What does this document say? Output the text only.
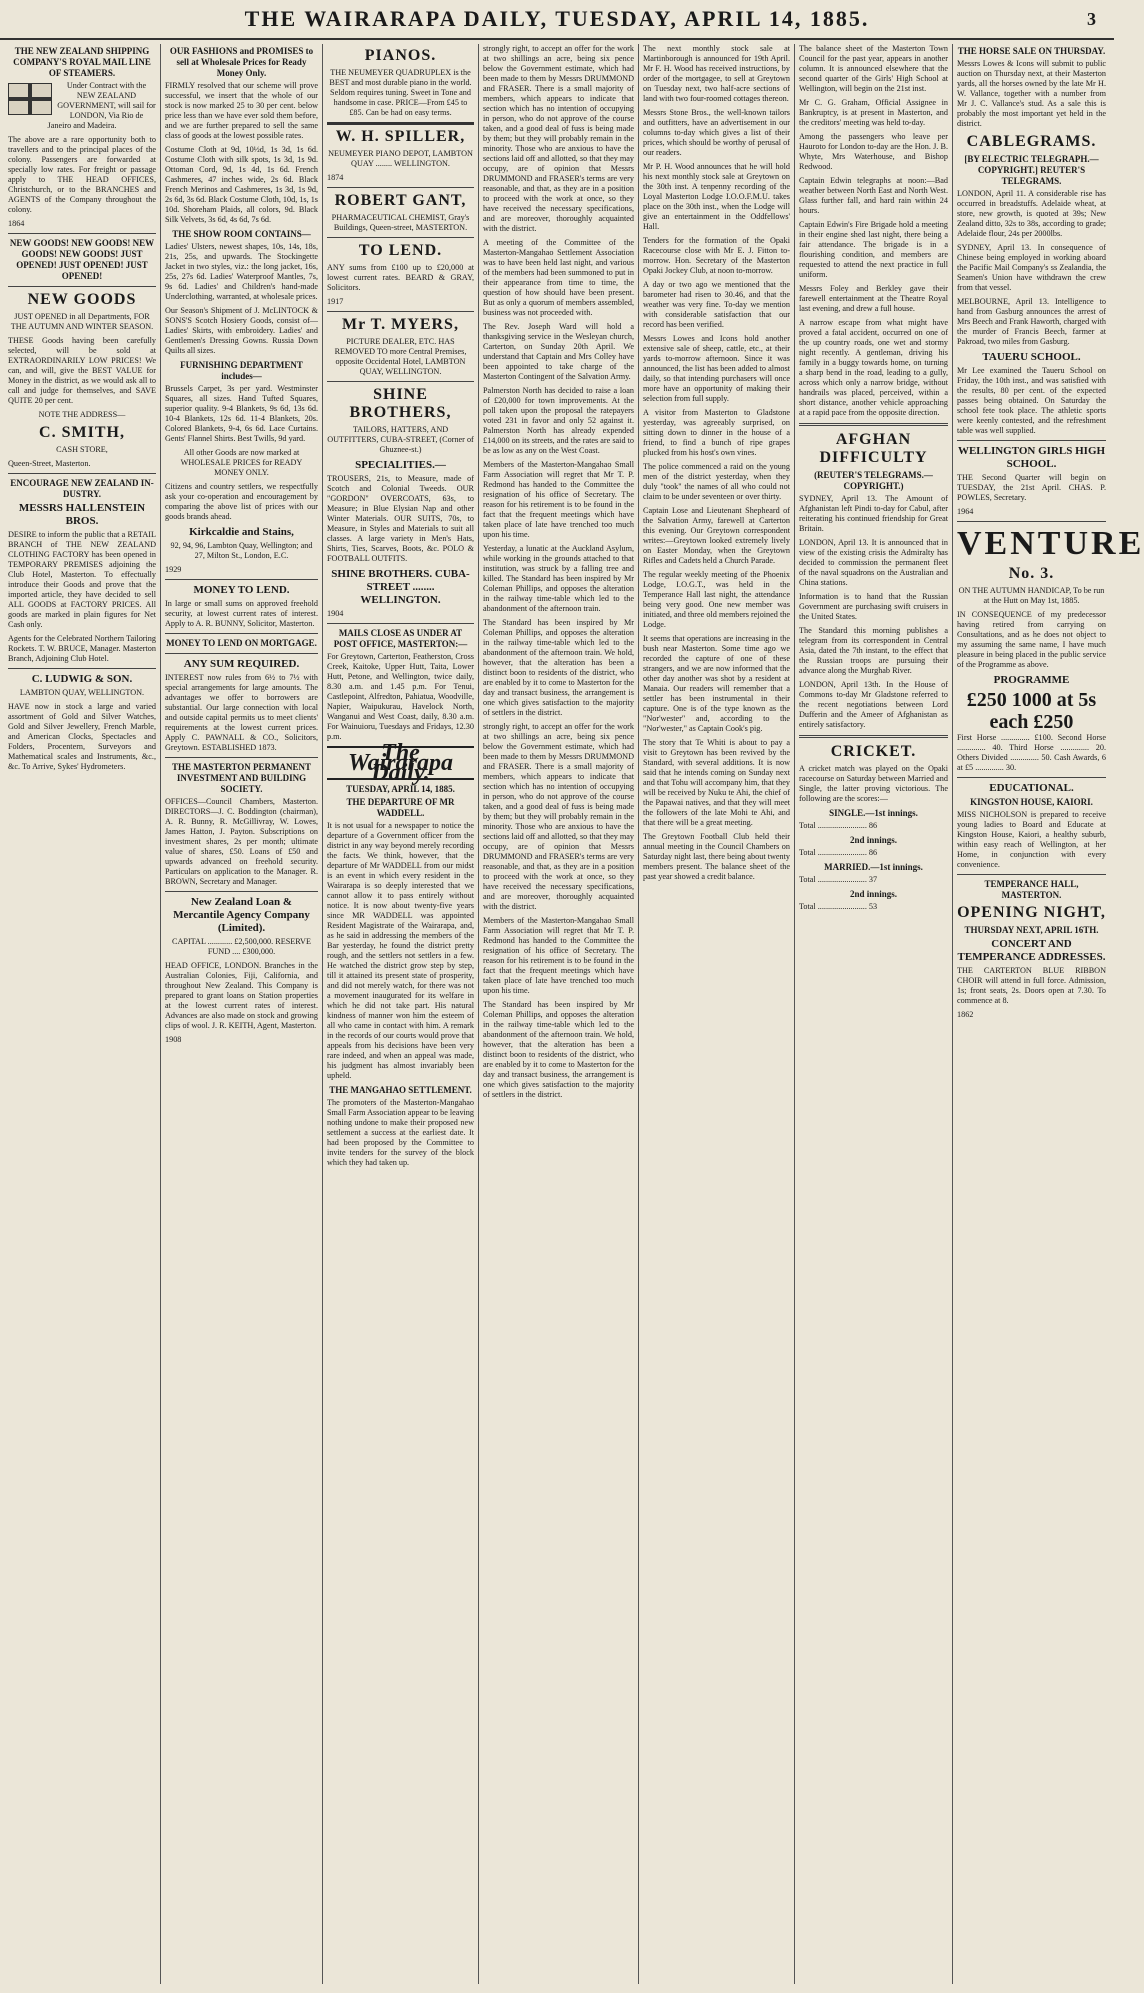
THE WAIRARAPA DAILY, TUESDAY, APRIL 14, 1885.	3
THE NEW ZEALAND SHIPPING COMPANY'S ROYAL MAIL LINE OF STEAMERS.
Under Contract with the NEW ZEALAND GOVERNMENT, will sail for LONDON, Via Rio de Janeiro and Madeira.
The above are a rare opportunity both to travellers and to the principal places of the colony. Passengers are forwarded at specially low rates. For freight or passage apply to THE HEAD OFFICES, Christchurch, or to the BRANCHES and AGENTS of the Company throughout the colony.
1864
NEW GOODS! NEW GOODS! NEW GOODS! NEW GOODS! JUST OPENED! JUST OPENED! JUST OPENED!
NEW GOODS
JUST OPENED in all Departments, FOR THE AUTUMN AND WINTER SEASON.
THESE Goods having been carefully selected, will be sold at EXTRAORDINARILY LOW PRICES! We can, and will, give the BEST VALUE for Money in the district, as we would ask all to call and judge for themselves, and SAVE QUITE 20 per cent.
NOTE THE ADDRESS—
C. SMITH,
CASH STORE,
Queen-Street, Masterton.
ENCOURAGE NEW ZEALAND IN- DUSTRY.
MESSRS HALLENSTEIN BROS.
DESIRE to inform the public that a RETAIL BRANCH of THE NEW ZEALAND CLOTHING FACTORY has been opened in TEMPORARY PREMISES adjoining the Club Hotel, Masterton. To effectually introduce their Goods and prove that the imported article, they have decided to sell ALL GOODS at FACTORY PRICES. All goods are marked in plain figures for Net Cash only.
Agents for the Celebrated Northern Tailoring Rockets. T. W. BRUCE, Manager. Masterton Branch, Adjoining Club Hotel.
C. LUDWIG & SON.
LAMBTON QUAY, WELLINGTON.
HAVE now in stock a large and varied assortment of Gold and Silver Watches, Gold and Silver Jewellery, French Marble, and American Clocks, Spectacles and Folders, Procentern, Surveyors and Mathematical scales and Instruments, &c., &c. To Arrive, Sykes' Hydrometers.
OUR FASHIONS and PROMISES to sell at Wholesale Prices for Ready Money Only.
FIRMLY resolved that our scheme will prove successful, we insert that the whole of our stock is now marked 25 to 30 per cent. below price less than we have ever sold them before, and we are further prepared to sell the same class of goods at the lowest possible rates.
Costume Cloth at 9d, 10½d, 1s 3d, 1s 6d. Costume Cloth with silk spots, 1s 3d, 1s 9d. Ottoman Cord, 9d, 1s 4d, 1s 6d. French Cashmeres, 47 inches wide, 2s 6d. Black French Merinos and Cashmeres, 1s 3d, 1s 9d, 2s 6d, 3s 6d. Black Costume Cloth, 10d, 1s, 1s 10d. Shoreham Plaids, all colors, 9d. Black Silk Velvets, 3s 6d, 4s 6d, 7s 6d.
THE SHOW ROOM CONTAINS—
Ladies' Ulsters, newest shapes, 10s, 14s, 18s, 21s, 25s, and upwards. The Stockingette Jacket in two styles, viz.: the long jacket, 16s, 25s, 27s 6d. Ladies' Waterproof Mantles, 7s, 9s 6d. Ladies' and Children's hand-made Underclothing, warranted, at wholesale prices.
Our Season's Shipment of J. McLINTOCK & SONS'S Scotch Hosiery Goods, consist of—Ladies' Skirts, with embroidery. Ladies' and Gentlemen's Dressing Gowns. Russia Down Quilts all sizes.
FURNISHING DEPARTMENT includes—
Brussels Carpet, 3s per yard. Westminster Squares, all sizes. Hand Tufted Squares, superior quality. 9-4 Blankets, 9s 6d, 13s 6d. 10-4 Blankets, 12s 6d. 11-4 Blankets, 20s. Colored Blankets, 9-4, 6s 6d. Lace Curtains. Gents' Flannel Shirts. Best Twills, 9d yard.
All other Goods are now marked at WHOLESALE PRICES for READY MONEY ONLY.
Citizens and country settlers, we respectfully ask your co-operation and encouragement by comparing the above list of prices with our goods brands ahead.
Kirkcaldie and Stains,
92, 94, 96, Lambton Quay, Wellington; and 27, Milton St., London, E.C.
1929
MONEY TO LEND.
In large or small sums on approved freehold security, at lowest current rates of interest. Apply to A. R. BUNNY, Solicitor, Masterton.
MONEY TO LEND ON MORTGAGE.
ANY SUM REQUIRED.
INTEREST now rules from 6½ to 7½ with special arrangements for large amounts. The advantages we offer to borrowers are substantial. Our large connection with local and outside capital permits us to meet clients' requirements at the lowest current prices. Apply C. PAWNALL & CO., Solicitors, Greytown. ESTABLISHED 1873.
THE MASTERTON PERMANENT INVESTMENT AND BUILDING SOCIETY.
OFFICES—Council Chambers, Masterton. DIRECTORS—J. C. Boddington (chairman), A. R. Bunny, R. McGillivray, W. Lowes, James Hatton, J. Payton. Subscriptions on investment shares, 2s per month; ultimate value of shares, £50. Loans of £50 and upwards advanced on freehold security. Particulars on application to the Manager. R. BROWN, Secretary and Manager.
New Zealand Loan & Mercantile Agency Company (Limited).
CAPITAL ............ £2,500,000. RESERVE FUND .... £300,000.
HEAD OFFICE, LONDON. Branches in the Australian Colonies, Fiji, California, and throughout New Zealand. This Company is prepared to grant loans on Station properties at the lowest current rates of interest. Advances are also made on stock and growing clips of wool. J. R. KEITH, Agent, Masterton.
1908
PIANOS.
THE NEUMEYER QUADRUPLEX is the BEST and most durable piano in the world. Seldom requires tuning. Sweet in Tone and handsome in case. PRICE—From £45 to £85. Can be had on easy terms.
W. H. SPILLER,
NEUMEYER PIANO DEPOT, LAMBTON QUAY ........ WELLINGTON.
1874
ROBERT GANT,
PHARMACEUTICAL CHEMIST, Gray's Buildings, Queen-street, MASTERTON.
TO LEND.
ANY sums from £100 up to £20,000 at lowest current rates. BEARD & GRAY, Solicitors.
1917
Mr T. MYERS,
PICTURE DEALER, ETC. HAS REMOVED TO more Central Premises, opposite Occidental Hotel, LAMBTON QUAY, WELLINGTON.
SHINE BROTHERS,
TAILORS, HATTERS, AND OUTFITTERS, CUBA-STREET, (Corner of Ghuznee-st.)
SPECIALITIES.—
TROUSERS, 21s, to Measure, made of Scotch and Colonial Tweeds. OUR "GORDON" OVERCOATS, 63s, to Measure; in Blue Elysian Nap and other Winter Materials. OUR SUITS, 70s, to Measure, in Styles and Materials to suit all classes. A large variety in Men's Hats, Shirts, Ties, Scarves, Boots, &c. POLO & FOOTBALL OUTFITS.
SHINE BROTHERS. CUBA-STREET ........ WELLINGTON.
1904
MAILS CLOSE AS UNDER AT POST OFFICE, MASTERTON:—
For Greytown, Carterton, Featherston, Cross Creek, Kaitoke, Upper Hutt, Taita, Lower Hutt, Petone, and Wellington, twice daily, 8.30 a.m. and 1.45 p.m. For Tenui, Castlepoint, Alfredton, Pahiatua, Woodville, Napier, Waipukurau, Havelock North, Wanganui and West Coast, daily, 8.30 a.m. For Wainuioru, Tuesdays and Fridays, 12.30 p.m.
The Wairarapa Daily.
TUESDAY, APRIL 14, 1885.
THE DEPARTURE OF MR WADDELL.
It is not usual for a newspaper to notice the departure of a Government officer from the district in any way beyond merely recording the facts. We think, however, that the departure of Mr WADDELL from our midst is an event in which every resident in the Wairarapa is so deeply interested that we cannot allow it to pass entirely without notice. It is now about twenty-five years since MR WADDELL was appointed Resident Magistrate of the Wairarapa, and, as he said in addressing the members of the Bar yesterday, he found the district pretty rough, and the settlers not settlers in a few. He watched the district grow step by step, till it attained its present state of prosperity, and did not merely watch, for there was not a movement inaugurated for its welfare in which he did not take part. His natural kindness of manner won him the esteem of all who came in contact with him. A remark in the records of our courts would prove that appeals from his decisions have been very rare indeed, and when an appeal was made, his judgment has almost invariably been upheld.
THE MANGAHAO SETTLEMENT.
The promoters of the Masterton-Mangahao Small Farm Association appear to be leaving nothing undone to make their proposed new settlement a success at the earliest date. It had been proposed by the Committee to invite tenders for the survey of the block which they had taken up.
strongly right, to accept an offer for the work at two shillings an acre, being six pence below the Government estimate, which had been made to them by Messrs DRUMMOND and FRASER. There is a small majority of members, which appears to indicate that section which has no intention of occupying in person, who do not approve of the course taken, and a good deal of fuss is being made by them; but they will probably remain in the minority. Those who are anxious to have the sections laid off and allotted, so that they may occupy, are of opinion that Messrs DRUMMOND and FRASER's terms are very reasonable, and that, as they are in a position to proceed with the work at once, so they have received the necessary specifications, and are moreover, thoroughly acquainted with the district.
A meeting of the Committee of the Masterton-Mangahao Settlement Association was to have been held last night, and various of the members had been summoned to put in their appearance from time to time, the question of how should have been present. But as only a quorum of members assembled, business was not proceeded with.
The Rev. Joseph Ward will hold a thanksgiving service in the Wesleyan church, Carterton, on Sunday 20th April. We understand that Captain and Mrs Colley have been appointed to take charge of the Masterton Contingent of the Salvation Army.
Palmerston North has decided to raise a loan of £20,000 for town improvements. At the poll taken upon the proposal the ratepayers voted 231 in favor and only 52 against it. Palmerston North has already expended £14,000 on its streets, and the rates are said to be as low as any on the West Coast.
Members of the Masterton-Mangahao Small Farm Association will regret that Mr T. P. Redmond has handed to the Committee the resignation of his office of Secretary. The reason for his retirement is to be found in the fact that the frequent meetings which have taken place of late have trenched too much upon his time.
Yesterday, a lunatic at the Auckland Asylum, while working in the grounds attached to that institution, was struck by a falling tree and killed. The Standard has been inspired by Mr Coleman Phillips, and opposes the alteration in the railway time-table which led to the abandonment of the afternoon train.
The Standard has been inspired by Mr Coleman Phillips, and opposes the alteration in the railway time-table which led to the abandonment of the afternoon train. We hold, however, that the alteration has been a distinct boon to residents of the district, who are enabled by it to come to Masterton for the day and transact business, the arrangement is one which gives satisfaction to the majority of settlers in the district.
strongly right, to accept an offer for the work at two shillings an acre, being six pence below the Government estimate, which had been made to them by Messrs DRUMMOND and FRASER. There is a small majority of members, which appears to indicate that section which has no intention of occupying in person, who do not approve of the course taken, and a good deal of fuss is being made by them; but they will probably remain in the minority. Those who are anxious to have the sections laid off and allotted, so that they may occupy, are of opinion that Messrs DRUMMOND and FRASER's terms are very reasonable, and that, as they are in a position to proceed with the work at once, so they have received the necessary specifications, and are moreover, thoroughly acquainted with the district.
Members of the Masterton-Mangahao Small Farm Association will regret that Mr T. P. Redmond has handed to the Committee the resignation of his office of Secretary. The reason for his retirement is to be found in the fact that the frequent meetings which have taken place of late have trenched too much upon his time.
The Standard has been inspired by Mr Coleman Phillips, and opposes the alteration in the railway time-table which led to the abandonment of the afternoon train. We hold, however, that the alteration has been a distinct boon to residents of the district, who are enabled by it to come to Masterton for the day and transact business, the arrangement is one which gives satisfaction to the majority of settlers in the district.
The next monthly stock sale at Martinborough is announced for 19th April. Mr F. H. Wood has received instructions, by order of the mortgagee, to sell at Greytown on Tuesday next, two half-acre sections of land with two four-roomed cottages thereon.
Messrs Stone Bros., the well-known tailors and outfitters, have an advertisement in our columns to-day which gives a list of their prices, which should be worthy of perusal of our readers.
Mr P. H. Wood announces that he will hold his next monthly stock sale at Greytown on the 30th inst. A tenpenny recording of the Loyal Masterton Lodge I.O.O.F.M.U. takes place on the 30th inst., when the Lodge will give an entertainment in the Oddfellows' Hall.
Tenders for the formation of the Opaki Racecourse close with Mr E. J. Fitton to-morrow. Hon. Secretary of the Masterton Opaki Jockey Club, at noon to-morrow.
A day or two ago we mentioned that the barometer had risen to 30.46, and that the weather was very fine. To-day we mention with considerable satisfaction that our record has been verified.
Messrs Lowes and Icons hold another extensive sale of sheep, cattle, etc., at their yards to-morrow afternoon. Since it was announced, the list has been added to almost daily, so that intending purchasers will once more have an opportunity of making their selection from full supply.
A visitor from Masterton to Gladstone yesterday, was agreeably surprised, on sitting down to dinner in the house of a friend, to find a bunch of ripe grapes plucked from his host's own vines.
The police commenced a raid on the young men of the district yesterday, when they duly "took" the names of all who could not claim to be under seventeen or over thirty.
Captain Lose and Lieutenant Shepheard of the Salvation Army, farewell at Carterton this evening. Our Greytown correspondent writes:—Greytown looked extremely lively on Easter Monday, when the Greytown Rifles and Cadets held a Church Parade.
The regular weekly meeting of the Phoenix Lodge, I.O.G.T., was held in the Temperance Hall last night, the attendance being very good. One new member was initiated, and three old members rejoined the Lodge.
It seems that operations are increasing in the bush near Masterton. Some time ago we recorded the capture of one of these strangers, and we are now informed that the other day another was shot by a resident at Manaia. Our readers will remember that a settler has been instrumental in their capture. One is of the type known as the "Nor'wester" and, according to the "Nor'wester," as Captain Cook's pig.
The story that Te Whiti is about to pay a visit to Greytown has been revived by the Standard, with several additions. It is now said that he intends coming on Sunday next and that Tohu will accompany him, that they will be received by Nuku te Ahi, the chief of the Papawai natives, and that they will meet the followers of the late Mohi te Ahi, and that there will be a great meeting.
The Greytown Football Club held their annual meeting in the Council Chambers on Saturday night last, there being about twenty members present. The balance sheet of the past year showed a credit balance.
The balance sheet of the Masterton Town Council for the past year, appears in another column. It is announced elsewhere that the second quarter of the Girls' High School at Wellington, will begin on the 21st inst.
Mr C. G. Graham, Official Assignee in Bankruptcy, is at present in Masterton, and the creditors' meeting was held to-day.
Among the passengers who leave per Hauroto for London to-day are the Hon. J. B. Whyte, Mrs Waterhouse, and Bishop Redwood.
Captain Edwin telegraphs at noon:—Bad weather between North East and North West. Glass further fall, and hard rain within 24 hours.
Captain Edwin's Fire Brigade hold a meeting in their engine shed last night, there being a fair attendance. The brigade is in a flourishing condition, and members are requested to attend the next practice in full uniform.
Messrs Foley and Berkley gave their farewell entertainment at the Theatre Royal last evening, and drew a full house.
A narrow escape from what might have proved a fatal accident, occurred on one of the up country roads, one wet and stormy night recently. A gentleman, driving his family in a buggy towards home, on turning a sharp bend in the road, leading to a gully, across which only a narrow bridge, without handrails was placed, perceived, within a short distance, another vehicle approaching at a rapid pace from the opposite direction.
AFGHAN DIFFICULTY
(REUTER'S TELEGRAMS.—COPYRIGHT.)
SYDNEY, April 13. The Amount of Afghanistan left Pindi to-day for Cabul, after reiterating his continued friendship for Great Britain.
LONDON, April 13. It is announced that in view of the existing crisis the Admiralty has decided to commission the permanent fleet of the naval squadrons on the Australian and China stations.
Information is to hand that the Russian Government are purchasing swift cruisers in the United States.
The Standard this morning publishes a telegram from its correspondent in Central Asia, dated the 7th instant, to the effect that the Russian troops are pursuing their advance along the Murghab River.
LONDON, April 13th. In the House of Commons to-day Mr Gladstone referred to the recent negotiations between Lord Dufferin and the Ameer of Afghanistan as entirely satisfactory.
CRICKET.
A cricket match was played on the Opaki racecourse on Saturday between Married and Single, the latter proving victorious. The following are the scores:—
SINGLE.—1st innings.
Total ........................ 86
2nd innings.
Total ........................ 86
MARRIED.—1st innings.
Total ........................ 37
2nd innings.
Total ........................ 53
THE HORSE SALE ON THURSDAY.
Messrs Lowes & Icons will submit to public auction on Thursday next, at their Masterton yards, all the horses owned by the late Mr H. W. Vallance, together with a number from Mr J. C. Vallance's stud. As a sale this is probably the most important yet held in the district.
CABLEGRAMS.
[BY ELECTRIC TELEGRAPH.—COPYRIGHT.] REUTER'S TELEGRAMS.
LONDON, April 11. A considerable rise has occurred in breadstuffs. Adelaide wheat, at store, new growth, is quoted at 39s; New Zealand ditto, 32s to 38s, according to grade; Adelaide flour, 24s per 2000lbs.
SYDNEY, April 13. In consequence of Chinese being employed in working aboard the Pacific Mail Company's ss Zealandia, the Seamen's Union have withdrawn the crew from that vessel.
MELBOURNE, April 13. Intelligence to hand from Gasburg announces the arrest of Mrs Beech and Frank Haworth, charged with the murder of Francis Beech, farmer at Pakroad, two miles from Gasburg.
TAUERU SCHOOL.
Mr Lee examined the Taueru School on Friday, the 10th inst., and was satisfied with the results, 80 per cent. of the expected passes being obtained. On Saturday the school fete took place. The athletic sports were keenly contested, and the refreshment table was well supplied.
WELLINGTON GIRLS HIGH SCHOOL.
THE Second Quarter will begin on TUESDAY, the 21st April. CHAS. P. POWLES, Secretary.
1964
VENTURE
No. 3.
ON THE AUTUMN HANDICAP, To be run at the Hutt on May 1st, 1885.
IN CONSEQUENCE of my predecessor having retired from carrying on Consultations, and as he does not object to my assuming the same name, I have much pleasure in being placed in the public service of the Programme as above.
PROGRAMME
£250 1000 at 5s each £250
First Horse .............. £100. Second Horse .............. 40. Third Horse .............. 20. Others Divided .............. 50. Cash Awards, 6 at £5 .............. 30.
EDUCATIONAL.
KINGSTON HOUSE, KAIORI.
MISS NICHOLSON is prepared to receive young ladies to Board and Educate at Kingston House, Kaiori, a healthy suburb, within easy reach of Wellington, at her Home, in conjunction with every convenience.
TEMPERANCE HALL, MASTERTON.
OPENING NIGHT,
THURSDAY NEXT, APRIL 16TH.
CONCERT AND TEMPERANCE ADDRESSES.
THE CARTERTON BLUE RIBBON CHOIR will attend in full force. Admission, 1s; front seats, 2s. Doors open at 7.30. To commence at 8.
1862
